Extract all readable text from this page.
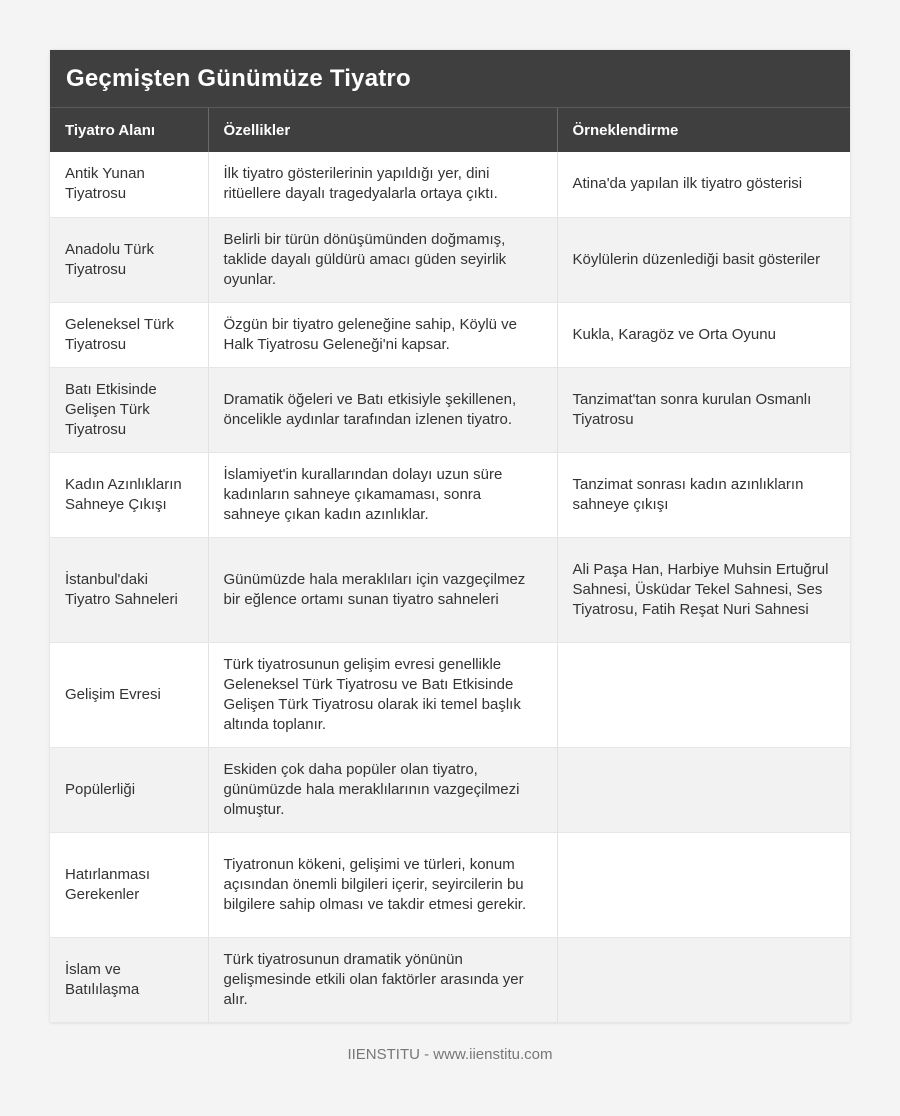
Geçmişten Günümüze Tiyatro
Tiyatro Alanı	Özellikler	Örneklendirme
Antik Yunan Tiyatrosu	İlk tiyatro gösterilerinin yapıldığı yer, dini ritüellere dayalı tragedyalarla ortaya çıktı.	Atina'da yapılan ilk tiyatro gösterisi
Anadolu Türk Tiyatrosu	Belirli bir türün dönüşümünden doğmamış, taklide dayalı güldürü amacı güden seyirlik oyunlar.	Köylülerin düzenlediği basit gösteriler
Geleneksel Türk Tiyatrosu	Özgün bir tiyatro geleneğine sahip, Köylü ve Halk Tiyatrosu Geleneği'ni kapsar.	Kukla, Karagöz ve Orta Oyunu
Batı Etkisinde Gelişen Türk Tiyatrosu	Dramatik öğeleri ve Batı etkisiyle şekillenen, öncelikle aydınlar tarafından izlenen tiyatro.	Tanzimat'tan sonra kurulan Osmanlı Tiyatrosu
Kadın Azınlıkların Sahneye Çıkışı	İslamiyet'in kurallarından dolayı uzun süre kadınların sahneye çıkamaması, sonra sahneye çıkan kadın azınlıklar.	Tanzimat sonrası kadın azınlıkların sahneye çıkışı
İstanbul'daki Tiyatro Sahneleri	Günümüzde hala meraklıları için vazgeçilmez bir eğlence ortamı sunan tiyatro sahneleri	Ali Paşa Han, Harbiye Muhsin Ertuğrul Sahnesi, Üsküdar Tekel Sahnesi, Ses Tiyatrosu, Fatih Reşat Nuri Sahnesi
Gelişim Evresi	Türk tiyatrosunun gelişim evresi genellikle Geleneksel Türk Tiyatrosu ve Batı Etkisinde Gelişen Türk Tiyatrosu olarak iki temel başlık altında toplanır.	
Popülerliği	Eskiden çok daha popüler olan tiyatro, günümüzde hala meraklılarının vazgeçilmezi olmuştur.	
Hatırlanması Gerekenler	Tiyatronun kökeni, gelişimi ve türleri, konum açısından önemli bilgileri içerir, seyircilerin bu bilgilere sahip olması ve takdir etmesi gerekir.	
İslam ve Batılılaşma	Türk tiyatrosunun dramatik yönünün gelişmesinde etkili olan faktörler arasında yer alır.	
IIENSTITU - www.iienstitu.com
